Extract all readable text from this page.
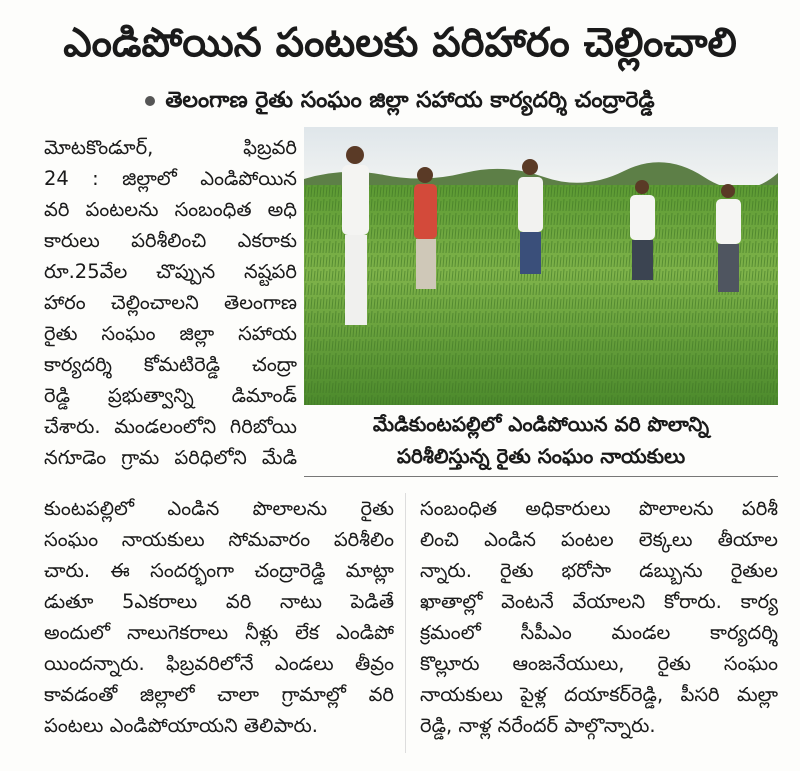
ఎండిపోయిన పంటలకు పరిహారం చెల్లించాలి
తెలంగాణ రైతు సంఘం జిల్లా సహాయ కార్యదర్శి చంద్రారెడ్డి
మోటకొండూర్, ఫిబ్రవరి
24 : జిల్లాలో ఎండిపోయిన
వరి పంటలను సంబంధిత అధి
కారులు పరిశీలించి ఎకరాకు
రూ.25వేల చొప్పున నష్టపరి
హారం చెల్లించాలని తెలంగాణ
రైతు సంఘం జిల్లా సహాయ
కార్యదర్శి కోమటిరెడ్డి చంద్రా
రెడ్డి ప్రభుత్వాన్ని డిమాండ్
చేశారు. మండలంలోని గిరిబోయి
నగూడెం గ్రామ పరిధిలోని మేడి
మేడికుంటపల్లిలో ఎండిపోయిన వరి పొలాన్ని
పరిశీలిస్తున్న రైతు సంఘం నాయకులు
కుంటపల్లిలో ఎండిన పొలాలను రైతు
సంఘం నాయకులు సోమవారం పరిశీలిం
చారు. ఈ సందర్భంగా చంద్రారెడ్డి మాట్లా
డుతూ 5ఎకరాలు వరి నాటు పెడితే
అందులో నాలుగెకరాలు నీళ్లు లేక ఎండిపో
యిందన్నారు. ఫిబ్రవరిలోనే ఎండలు తీవ్రం
కావడంతో జిల్లాలో చాలా గ్రామాల్లో వరి
పంటలు ఎండిపోయాయని తెలిపారు.
సంబంధిత అధికారులు పొలాలను పరిశీ
లించి ఎండిన పంటల లెక్కలు తీయాల
న్నారు. రైతు భరోసా డబ్బును రైతుల
ఖాతాల్లో వెంటనే వేయాలని కోరారు. కార్య
క్రమంలో సీపీఎం మండల కార్యదర్శి
కొల్లూరు ఆంజనేయులు, రైతు సంఘం
నాయకులు పైళ్ల దయాకర్‌రెడ్డి, పీసరి మల్లా
రెడ్డి, నాళ్ల నరేందర్ పాల్గొన్నారు.
